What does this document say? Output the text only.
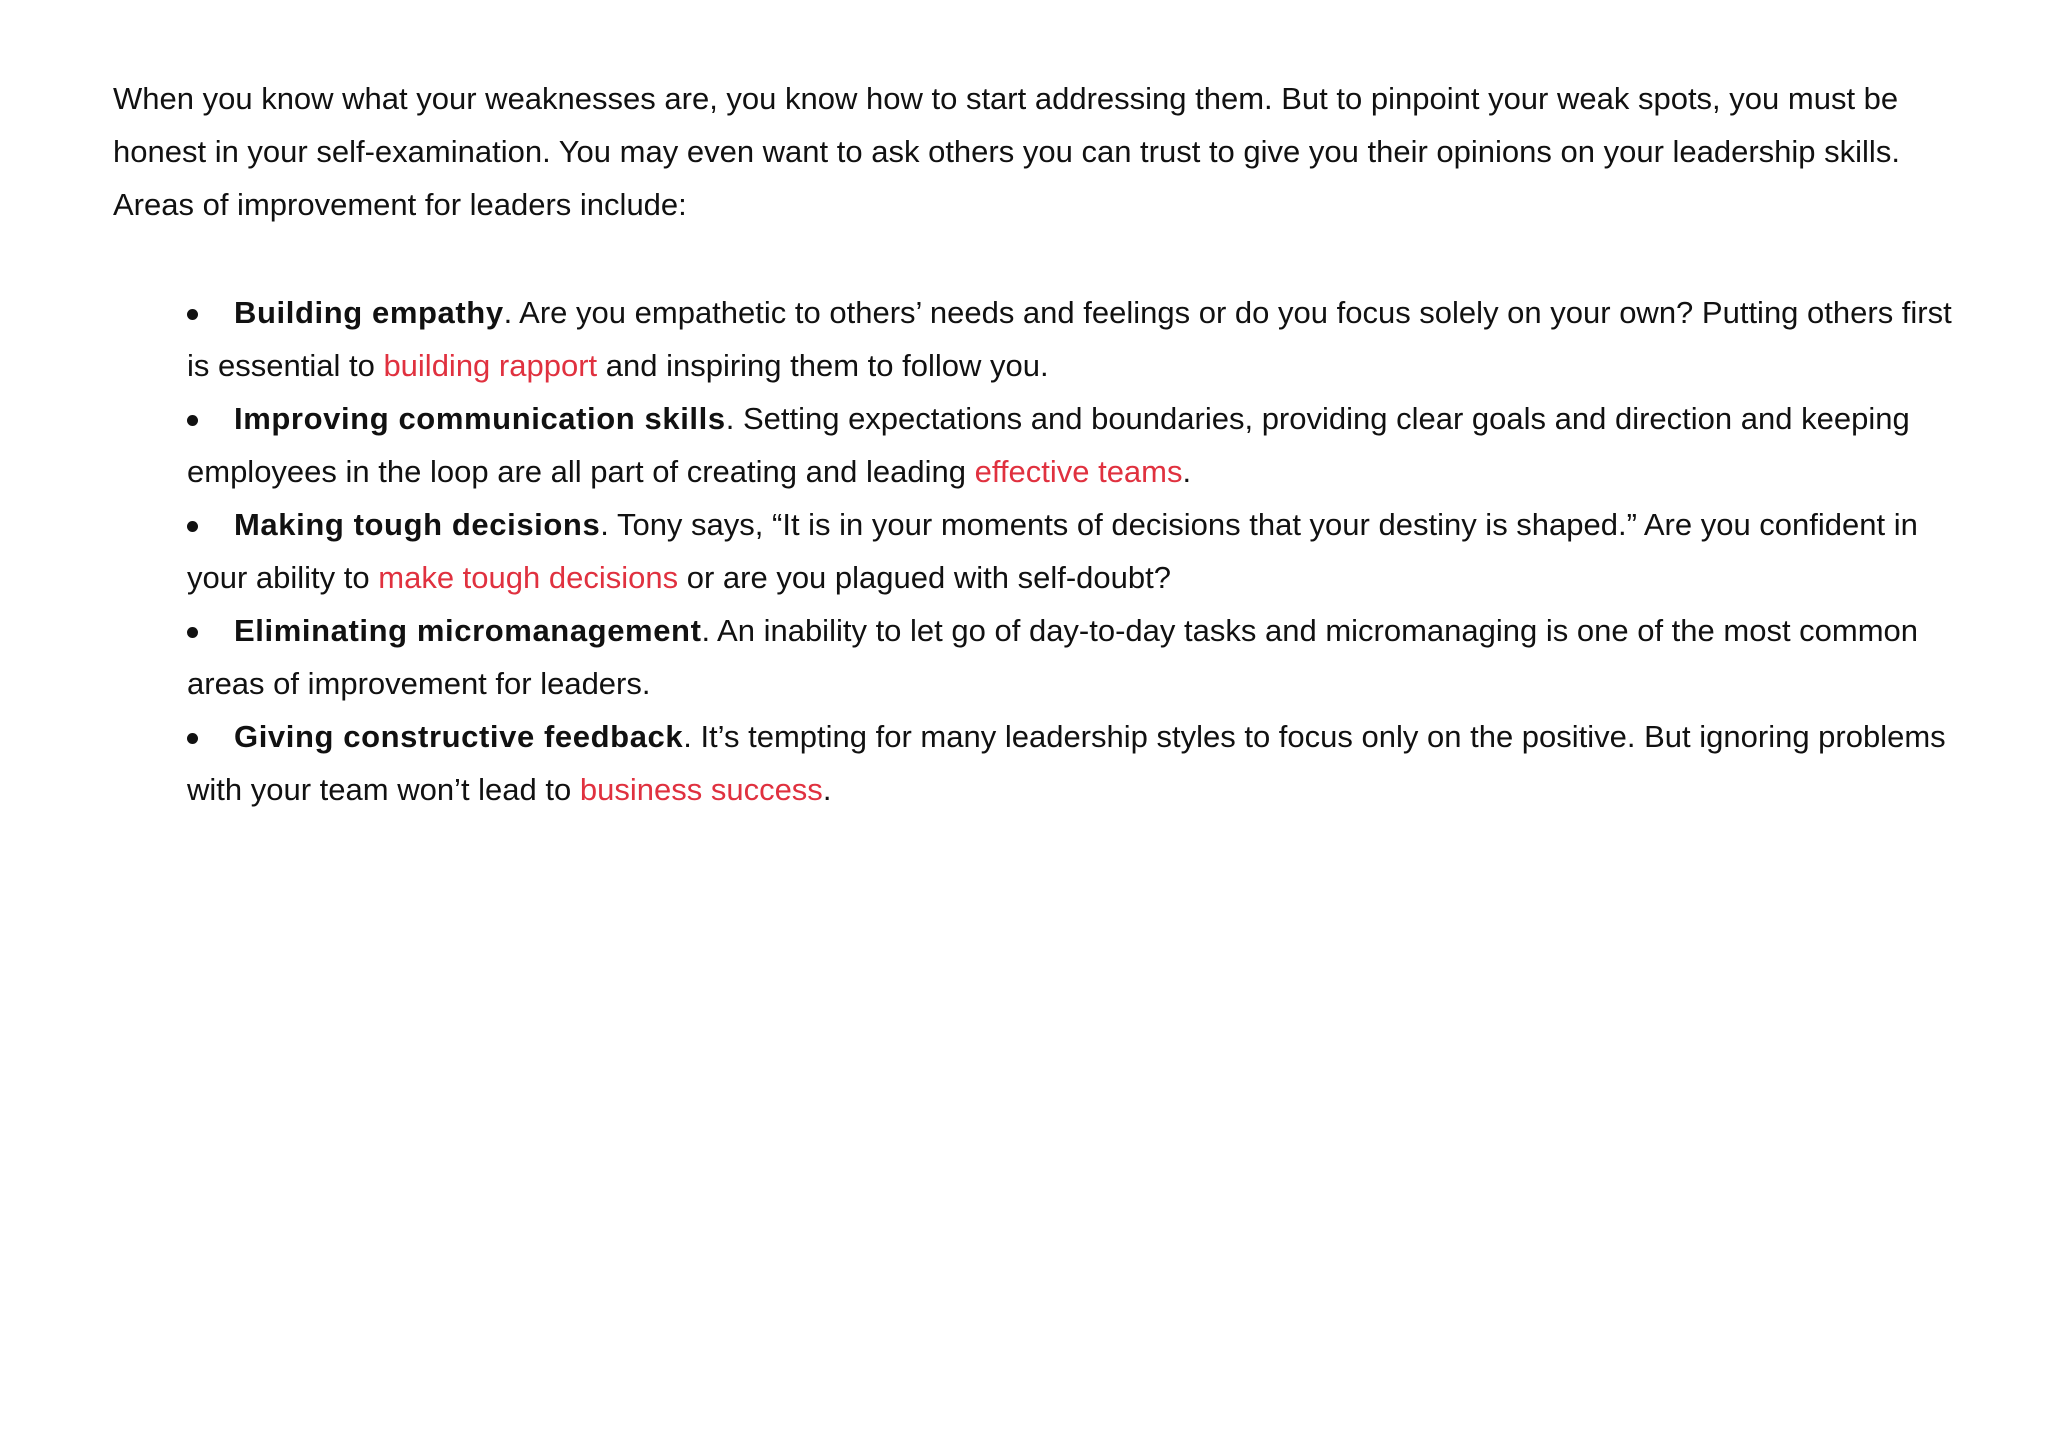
When you know what your weaknesses are, you know how to start addressing them. But to pinpoint your weak spots, you must be honest in your self-examination. You may even want to ask others you can trust to give you their opinions on your leadership skills. Areas of improvement for leaders include:

Building empathy. Are you empathetic to others’ needs and feelings or do you focus solely on your own? Putting others first is essential to building rapport and inspiring them to follow you.
Improving communication skills. Setting expectations and boundaries, providing clear goals and direction and keeping employees in the loop are all part of creating and leading effective teams.
Making tough decisions. Tony says, “It is in your moments of decisions that your destiny is shaped.” Are you confident in your ability to make tough decisions or are you plagued with self-doubt?
Eliminating micromanagement. An inability to let go of day-to-day tasks and micromanaging is one of the most common areas of improvement for leaders.
Giving constructive feedback. It’s tempting for many leadership styles to focus only on the positive. But ignoring problems with your team won’t lead to business success.
